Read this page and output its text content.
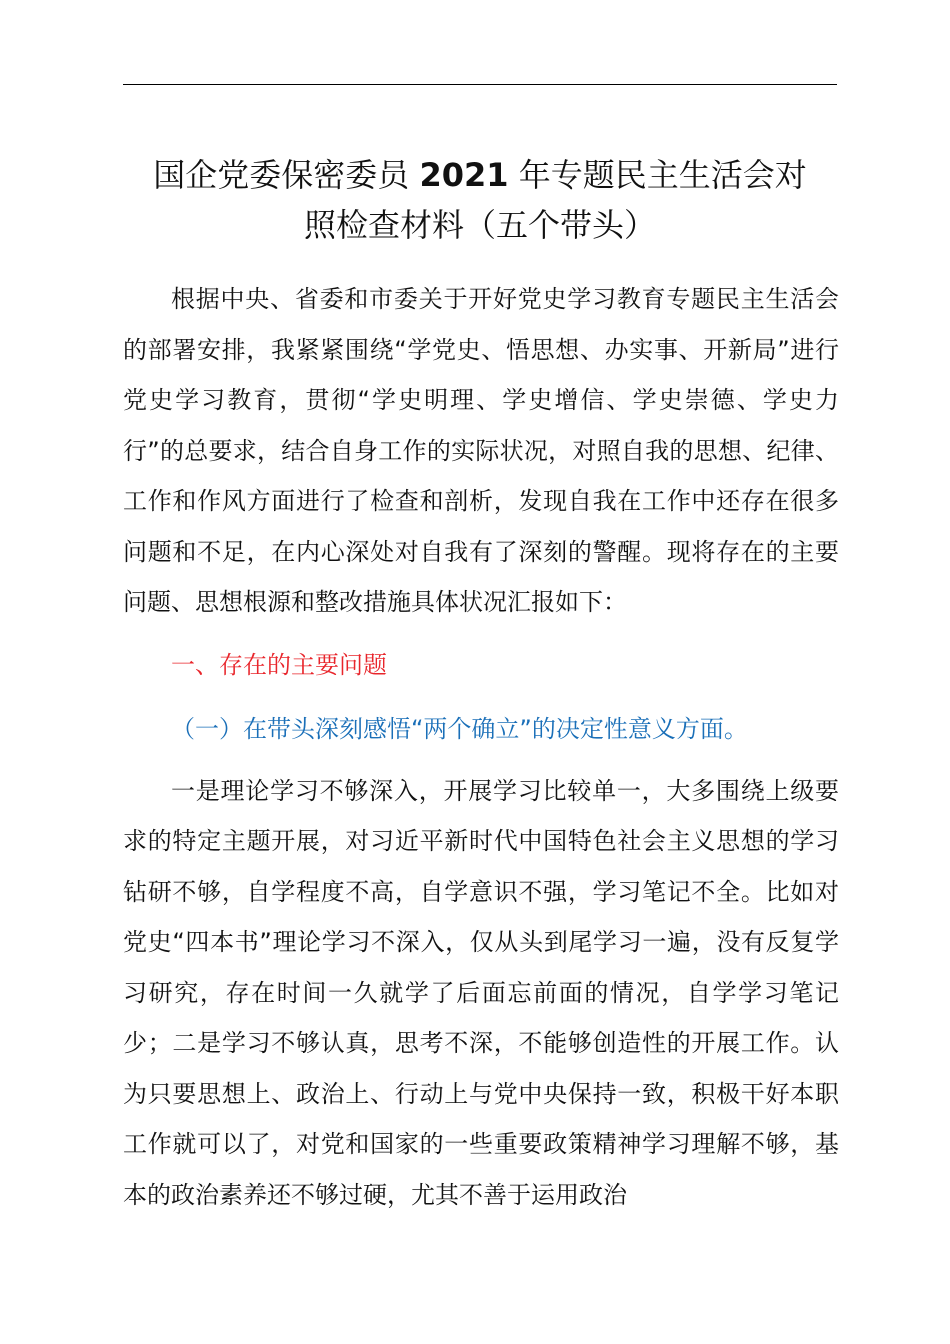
国企党委保密委员 2021 年专题民主生活会对
照检查材料（五个带头）

根据中央、省委和市委关于开好党史学习教育专题民主生活会的部署安排，我紧紧围绕“学党史、悟思想、办实事、开新局”进行党史学习教育，贯彻“学史明理、学史增信、学史崇德、学史力行”的总要求，结合自身工作的实际状况，对照自我的思想、纪律、工作和作风方面进行了检查和剖析，发现自我在工作中还存在很多问题和不足，在内心深处对自我有了深刻的警醒。现将存在的主要问题、思想根源和整改措施具体状况汇报如下：

一、存在的主要问题

（一）在带头深刻感悟“两个确立”的决定性意义方面。

一是理论学习不够深入，开展学习比较单一，大多围绕上级要求的特定主题开展，对习近平新时代中国特色社会主义思想的学习钻研不够，自学程度不高，自学意识不强，学习笔记不全。比如对党史“四本书”理论学习不深入，仅从头到尾学习一遍，没有反复学习研究，存在时间一久就学了后面忘前面的情况，自学学习笔记少；二是学习不够认真，思考不深，不能够创造性的开展工作。认为只要思想上、政治上、行动上与党中央保持一致，积极干好本职工作就可以了，对党和国家的一些重要政策精神学习理解不够，基本的政治素养还不够过硬，尤其不善于运用政治
